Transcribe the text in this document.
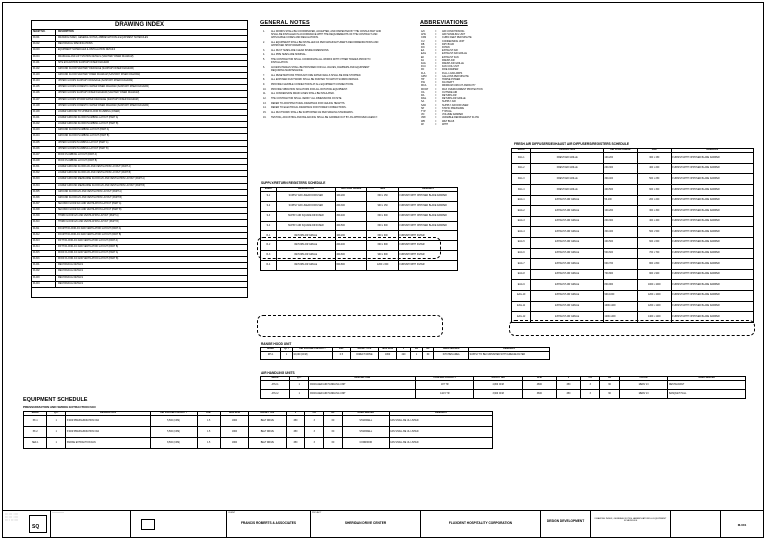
DRAWING INDEX
SHEET NO.	DESCRIPTION
M-001	DRAWING INDEX, GENERAL NOTES, ABBREVIATIONS & EQUIPMENT SCHEDULES
M-002	MECHANICAL SPECIFICATIONS
M-003	EQUIPMENT SCHEDULES & INSTALLATION DETAILS
M-004	DRAINAGE AND LIFT STATION DETAILS (SANITARY RISER DIAGRAM)
M-101	SITE EXCAVATION SANITARY RISER DIAGRAM
M-102	GROUND FLOOR SANITARY DRAINAGE (SANITARY RISER DIAGRAM)
M-103	GROUND FLOOR SANITARY RISER DIAGRAM (SANITARY RISER DIAGRAM)
M-104	UPPER FLOORS SANITARY DRAINAGE (SANITARY RISER DIAGRAM)
M-105	UPPER FLOORS DOMESTIC WATER RISER DIAGRAM (SANITARY RISER DIAGRAM)
M-106	UPPER FLOORS SANITARY RISER DIAGRAM (SANITARY RISER DIAGRAM)
M-107	UPPER FLOORS STORM WATER DRAINAGE (SANITARY RISER DIAGRAM)
M-108	UPPER FLOORS DOMESTIC WATER RISER DIAGRAM (SANITARY RISER DIAGRAM)
M-109	LOWER GROUND TO UPPER FLOOR PLUMBING (RISER)
M-201	LOWER GROUND FLOOR PLUMBING LAYOUT (PART A)
M-202	LOWER GROUND FLOOR PLUMBING LAYOUT (PART B)
M-203	GROUND FLOOR PLUMBING LAYOUT (PART A)
M-204	GROUND FLOOR PLUMBING LAYOUT (PART B)
M-205	UPPER FLOORS PLUMBING LAYOUT (PART A)
M-206	UPPER FLOORS PLUMBING LAYOUT (PART B)
M-207	ROOF PLUMBING LAYOUT (PART A)
M-208	ROOF PLUMBING LAYOUT (PART B)
M-301	LOWER GROUND FLOOR A/C AND VENTILATION LAYOUT (PART A)
M-302	LOWER GROUND FLOOR A/C AND VENTILATION LAYOUT (PART B)
M-303	LOWER GROUND MEZZANINE FLOOR A/C AND VENTILATION LAYOUT (PART A)
M-304	LOWER GROUND MEZZANINE FLOOR A/C AND VENTILATION LAYOUT (PART B)
M-305	GROUND FLOOR A/C AND VENTILATION LAYOUT (PART A)
M-306	GROUND FLOOR A/C AND VENTILATION LAYOUT (PART B)
M-307	SECOND FLOOR A/C AND VENTILATION LAYOUT (PART A)
M-308	SECOND FLOOR A/C AND VENTILATION LAYOUT (PART B)
M-309	THIRD FLOOR A/C AND VENTILATION LAYOUT (PART A)
M-310	THIRD FLOOR A/C AND VENTILATION LAYOUT (PART B)
M-311	FOURTH FLOOR A/C AND VENTILATION LAYOUT (PART A)
M-312	FOURTH FLOOR A/C AND VENTILATION LAYOUT (PART B)
M-313	FIFTH FLOOR A/C AND VENTILATION LAYOUT (PART A)
M-314	FIFTH FLOOR A/C AND VENTILATION LAYOUT (PART B)
M-315	ROOF FLOOR A/C AND VENTILATION LAYOUT (PART A)
M-316	ROOF FLOOR A/C AND VENTILATION LAYOUT (PART B)
M-401	MECHANICAL DETAILS
M-402	MECHANICAL DETAILS
M-403	MECHANICAL DETAILS
M-404	MECHANICAL DETAILS
GENERAL NOTES
1.	ALL WORKS SHALL BE COORDINATED, ACCEPTED, AND INSPECTED BY THE CONSULTANT AND SHALL BE INSTALLED IN ACCORDANCE WITH THE REQUIREMENTS OF THE CONTRACT AND APPLICABLE CODES AND REGULATIONS.
2.	ALL EQUIPMENT SHALL BE INSTALLED AS PER MANUFACTURER'S RECOMMENDATIONS AND APPROVED SHOP DRAWINGS.
3.	ALL DUCT SIZES ARE CLEAR INSIDE DIMENSIONS.
4.	ALL PIPE SIZES ARE NOMINAL.
5.	THE CONTRACTOR SHALL COORDINATE ALL WORKS WITH OTHER TRADES PRIOR TO INSTALLATION.
6.	ACCESS PANELS SHALL BE PROVIDED FOR ALL VALVES, DAMPERS AND EQUIPMENT REQUIRING MAINTENANCE.
7.	ALL PENETRATIONS THROUGH FIRE RATED WALLS SHALL BE FIRE STOPPED.
8.	ALL EXPOSED DUCTWORK SHALL BE PAINTED TO MATCH SURROUNDINGS.
9.	PROVIDE FLEXIBLE CONNECTIONS AT ALL EQUIPMENT CONNECTIONS.
10.	PROVIDE VIBRATION ISOLATORS FOR ALL ROTATING EQUIPMENT.
11.	ALL CONDENSATE DRAIN LINES SHALL BE INSULATED.
12.	THE CONTRACTOR SHALL VERIFY ALL DIMENSIONS ON SITE.
13.	REFER TO ARCHITECTURAL DRAWINGS FOR CEILING HEIGHTS.
14.	REFER TO ELECTRICAL DRAWINGS FOR POWER CONNECTIONS.
15.	ALL DUCTWORK SHALL BE SUPPORTED AS PER SMACNA STANDARDS.
16.	TESTING, ADJUSTING AND BALANCING SHALL BE CARRIED OUT BY AN APPROVED AGENCY.
ABBREVIATIONS
A/C	=	AIR CONDITIONING
AHU	=	AIR HANDLING UNIT
CFM	=	CUBIC FEET PER MINUTE
CU	=	CONDENSING UNIT
DB	=	DRY BULB
DN	=	DOWN
EA	=	EXHAUST AIR
EAG	=	EXHAUST AIR GRILLE
EF	=	EXHAUST FAN
FA	=	FRESH AIR
FAG	=	FRESH AIR GRILLE
FCU	=	FAN COIL UNIT
FD	=	FIRE DAMPER
FLA	=	FULL LOAD AMPS
GPM	=	GALLONS PER MINUTE
HP	=	HORSE POWER
KW	=	KILOWATT
MCA	=	MINIMUM CIRCUIT AMPACITY
MOCP	=	MAX OVERCURRENT PROTECTION
OA	=	OUTSIDE AIR
RA	=	RETURN AIR
RAG	=	RETURN AIR GRILLE
SA	=	SUPPLY AIR
SAD	=	SUPPLY AIR DIFFUSER
SP	=	STATIC PRESSURE
TYP	=	TYPICAL
VD	=	VOLUME DAMPER
VRF	=	VARIABLE REFRIGERANT FLOW
WB	=	WET BULB
W/	=	WITH
SUPPLY/RETURN REGISTERS SCHEDULE
MARK	DESCRIPTION	AIR FLOW RANGE	SIZE	REMARKS
S-1	SUPPLY AIR LINEAR DIFFUSER	100-200	600 x 150	FURNISH WITH OPPOSED BLADE DAMPER
S-2	SUPPLY AIR LINEAR DIFFUSER	200-300	900 x 150	FURNISH WITH OPPOSED BLADE DAMPER
S-3	SUPPLY AIR SQUARE DIFFUSER	300-400	600 x 600	FURNISH WITH OPPOSED BLADE DAMPER
S-4	SUPPLY AIR SQUARE DIFFUSER	400-500	600 x 600	FURNISH WITH OPPOSED BLADE DAMPER
R-1	RETURN AIR GRILLE	100-200	600 x 300	FURNISH WITH FILTER
R-2	RETURN AIR GRILLE	200-400	600 x 600	FURNISH WITH FILTER
R-3	RETURN AIR GRILLE	400-600	900 x 600	FURNISH WITH FILTER
R-4	RETURN AIR GRILLE	600-800	1200 x 600	FURNISH WITH FILTER
FRESH AIR DIFFUSERS/EXHAUST AIR DIFFUSERS/REGISTERS SCHEDULE
MARK	DESCRIPTION	AIR FLOW RANGE	SIZE	REMARKS
FAG-1	FRESH AIR GRILLE	100-200	300 x 150	FURNISH WITH OPPOSED BLADE DAMPER
FAG-2	FRESH AIR GRILLE	200-300	400 x 200	FURNISH WITH OPPOSED BLADE DAMPER
FAG-3	FRESH AIR GRILLE	300-400	500 x 250	FURNISH WITH OPPOSED BLADE DAMPER
FAG-4	FRESH AIR GRILLE	400-500	600 x 300	FURNISH WITH OPPOSED BLADE DAMPER
EAG-1	EXHAUST AIR GRILLE	50-100	200 x 200	FURNISH WITH OPPOSED BLADE DAMPER
EAG-2	EXHAUST AIR GRILLE	100-200	300 x 300	FURNISH WITH OPPOSED BLADE DAMPER
EAG-3	EXHAUST AIR GRILLE	200-300	400 x 400	FURNISH WITH OPPOSED BLADE DAMPER
EAG-4	EXHAUST AIR GRILLE	300-400	500 x 500	FURNISH WITH OPPOSED BLADE DAMPER
EAG-5	EXHAUST AIR GRILLE	400-500	600 x 600	FURNISH WITH OPPOSED BLADE DAMPER
EAG-6	EXHAUST AIR GRILLE	500-600	700 x 700	FURNISH WITH OPPOSED BLADE DAMPER
EAG-7	EXHAUST AIR GRILLE	600-700	800 x 800	FURNISH WITH OPPOSED BLADE DAMPER
EAG-8	EXHAUST AIR GRILLE	700-800	900 x 900	FURNISH WITH OPPOSED BLADE DAMPER
EAG-9	EXHAUST AIR GRILLE	800-900	1000 x 1000	FURNISH WITH OPPOSED BLADE DAMPER
EAG-10	EXHAUST AIR GRILLE	900-1000	1200 x 1000	FURNISH WITH OPPOSED BLADE DAMPER
EAG-11	EXHAUST AIR GRILLE	1000-1200	1200 x 1200	FURNISH WITH OPPOSED BLADE DAMPER
EAG-12	EXHAUST AIR GRILLE	1200-1400	1400 x 1200	FURNISH WITH OPPOSED BLADE DAMPER
RANGE HOOD UNIT
MARK	QTY	AIR VOLUME CAPACITY	ESP	DRIVE TYPE	MAX RPM	V	PH	HZ	AREA SERVED	REMARKS
RH-1	1	10,000 (CFM)	0.5	DIRECT DRIVE	1800	220	1	60	KITCHEN AREA	SUPPLY TO BE FURNISHED WITH GREASE FILTER
AIR HANDLING UNITS
MARK	QTY	DESCRIPTION	COOLING CAPACITY	SUPPLY AIR	CFM	V	PH	HZ	FILTER	AREA SERVED
AHU-1	1	PACKAGED AIR HANDLING UNIT	187 TR	4,800 CFM	4800	380	3	60	MERV 13	RESTAURANT
AHU-2	1	PACKAGED AIR HANDLING UNIT	142.5 TR	3,600 CFM	3600	380	3	60	MERV 13	BANQUET HALL
EQUIPMENT SCHEDULE
PRESSURIZATION AND SMOKE EXTRACTION FAN
MARK	QTY	DESCRIPTION	AIR VOLUME CAPACITY	ESP	MAX RPM	DRIVE TYPE	V	PH	HZ	AREA SERVED	REMARKS
PF-1	1	STAIR PRESSURIZATION FAN	5,500 (CFM)	1.5	1800	BELT DRIVE	380	3	60	STAIRWELL	FAN SHALL BE UL LISTED
PF-2	1	STAIR PRESSURIZATION FAN	5,500 (CFM)	1.5	1800	BELT DRIVE	380	3	60	STAIRWELL	FAN SHALL BE UL LISTED
SEF-1	1	SMOKE EXTRACTION FAN	8,500 (CFM)	1.5	1800	BELT DRIVE	380	3	60	CORRIDOR	FAN SHALL BE UL LISTED
:::::: ::::
:::::: ::::
:::: ::::::
SQ
——————	CLIENT
FRANCIS ROBERTS & ASSOCIATES
PROJECT
SHERIDAN DRIVE CENTER	FLUXDENT HOSPITALITY CORPORATION	DESIGN DEVELOPMENT	DRAWING INDEX, GENERAL NOTES, ABBREVIATIONS & EQUIPMENT SCHEDULES
M-001
